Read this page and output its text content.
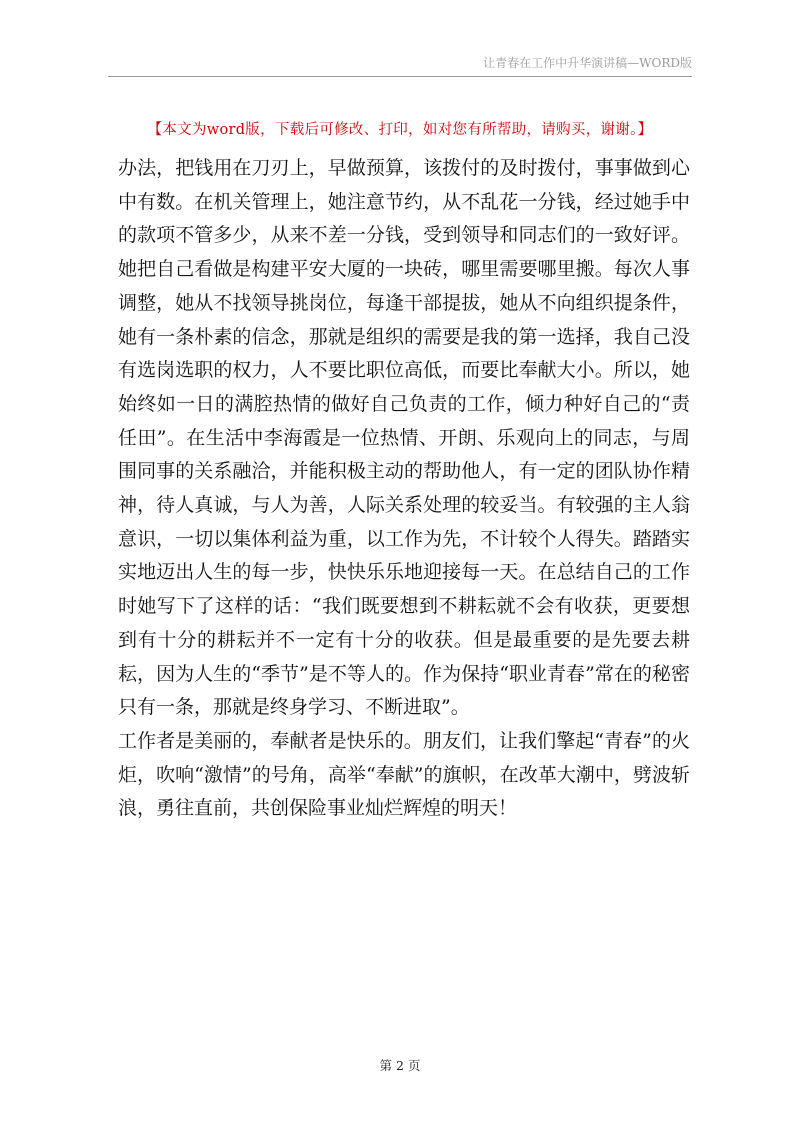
让青春在工作中升华演讲稿—WORD版
【本文为word版，下载后可修改、打印，如对您有所帮助，请购买，谢谢。】

办法，把钱用在刀刃上，早做预算，该拨付的及时拨付，事事做到心中有数。在机关管理上，她注意节约，从不乱花一分钱，经过她手中的款项不管多少，从来不差一分钱，受到领导和同志们的一致好评。她把自己看做是构建平安大厦的一块砖，哪里需要哪里搬。每次人事调整，她从不找领导挑岗位，每逢干部提拔，她从不向组织提条件，她有一条朴素的信念，那就是组织的需要是我的第一选择，我自己没有选岗选职的权力，人不要比职位高低，而要比奉献大小。所以，她始终如一日的满腔热情的做好自己负责的工作，倾力种好自己的“责任田”。在生活中李海霞是一位热情、开朗、乐观向上的同志，与周围同事的关系融洽，并能积极主动的帮助他人，有一定的团队协作精神，待人真诚，与人为善，人际关系处理的较妥当。有较强的主人翁意识，一切以集体利益为重，以工作为先，不计较个人得失。踏踏实实地迈出人生的每一步，快快乐乐地迎接每一天。在总结自己的工作时她写下了这样的话：“我们既要想到不耕耘就不会有收获，更要想到有十分的耕耘并不一定有十分的收获。但是最重要的是先要去耕耘，因为人生的“季节”是不等人的。作为保持“职业青春”常在的秘密只有一条，那就是终身学习、不断进取”。

工作者是美丽的，奉献者是快乐的。朋友们，让我们擎起“青春”的火炬，吹响“激情”的号角，高举“奉献”的旗帜，在改革大潮中，劈波斩浪，勇往直前，共创保险事业灿烂辉煌的明天！

第 2 页
